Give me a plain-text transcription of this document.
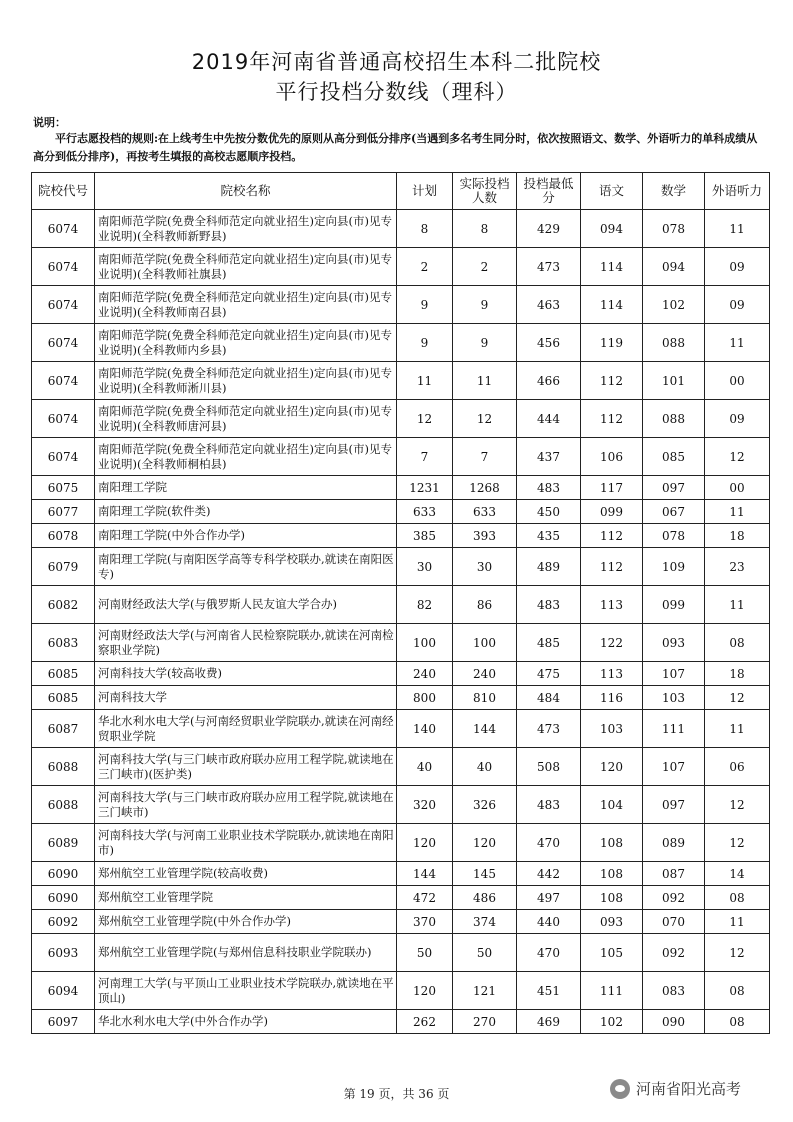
2019年河南省普通高校招生本科二批院校
平行投档分数线（理科）
说明：
平行志愿投档的规则:在上线考生中先按分数优先的原则从高分到低分排序(当遇到多名考生同分时，依次按照语文、数学、外语听力的单科成绩从高分到低分排序)，再按考生填报的高校志愿顺序投档。
院校代号	院校名称	计划	实际投档人数	投档最低分	语文	数学	外语听力
6074	南阳师范学院(免费全科师范定向就业招生)定向县(市)见专业说明)(全科教师新野县)	8	8	429	094	078	11
6074	南阳师范学院(免费全科师范定向就业招生)定向县(市)见专业说明)(全科教师社旗县)	2	2	473	114	094	09
6074	南阳师范学院(免费全科师范定向就业招生)定向县(市)见专业说明)(全科教师南召县)	9	9	463	114	102	09
6074	南阳师范学院(免费全科师范定向就业招生)定向县(市)见专业说明)(全科教师内乡县)	9	9	456	119	088	11
6074	南阳师范学院(免费全科师范定向就业招生)定向县(市)见专业说明)(全科教师淅川县)	11	11	466	112	101	00
6074	南阳师范学院(免费全科师范定向就业招生)定向县(市)见专业说明)(全科教师唐河县)	12	12	444	112	088	09
6074	南阳师范学院(免费全科师范定向就业招生)定向县(市)见专业说明)(全科教师桐柏县)	7	7	437	106	085	12
6075	南阳理工学院	1231	1268	483	117	097	00
6077	南阳理工学院(软件类)	633	633	450	099	067	11
6078	南阳理工学院(中外合作办学)	385	393	435	112	078	18
6079	南阳理工学院(与南阳医学高等专科学校联办,就读在南阳医专)	30	30	489	112	109	23
6082	河南财经政法大学(与俄罗斯人民友谊大学合办)	82	86	483	113	099	11
6083	河南财经政法大学(与河南省人民检察院联办,就读在河南检察职业学院)	100	100	485	122	093	08
6085	河南科技大学(较高收费)	240	240	475	113	107	18
6085	河南科技大学	800	810	484	116	103	12
6087	华北水利水电大学(与河南经贸职业学院联办,就读在河南经贸职业学院	140	144	473	103	111	11
6088	河南科技大学(与三门峡市政府联办应用工程学院,就读地在三门峡市)(医护类)	40	40	508	120	107	06
6088	河南科技大学(与三门峡市政府联办应用工程学院,就读地在三门峡市)	320	326	483	104	097	12
6089	河南科技大学(与河南工业职业技术学院联办,就读地在南阳市)	120	120	470	108	089	12
6090	郑州航空工业管理学院(较高收费)	144	145	442	108	087	14
6090	郑州航空工业管理学院	472	486	497	108	092	08
6092	郑州航空工业管理学院(中外合作办学)	370	374	440	093	070	11
6093	郑州航空工业管理学院(与郑州信息科技职业学院联办)	50	50	470	105	092	12
6094	河南理工大学(与平顶山工业职业技术学院联办,就读地在平顶山)	120	121	451	111	083	08
6097	华北水利水电大学(中外合作办学)	262	270	469	102	090	08
第 19 页，共 36 页	河南省阳光高考
